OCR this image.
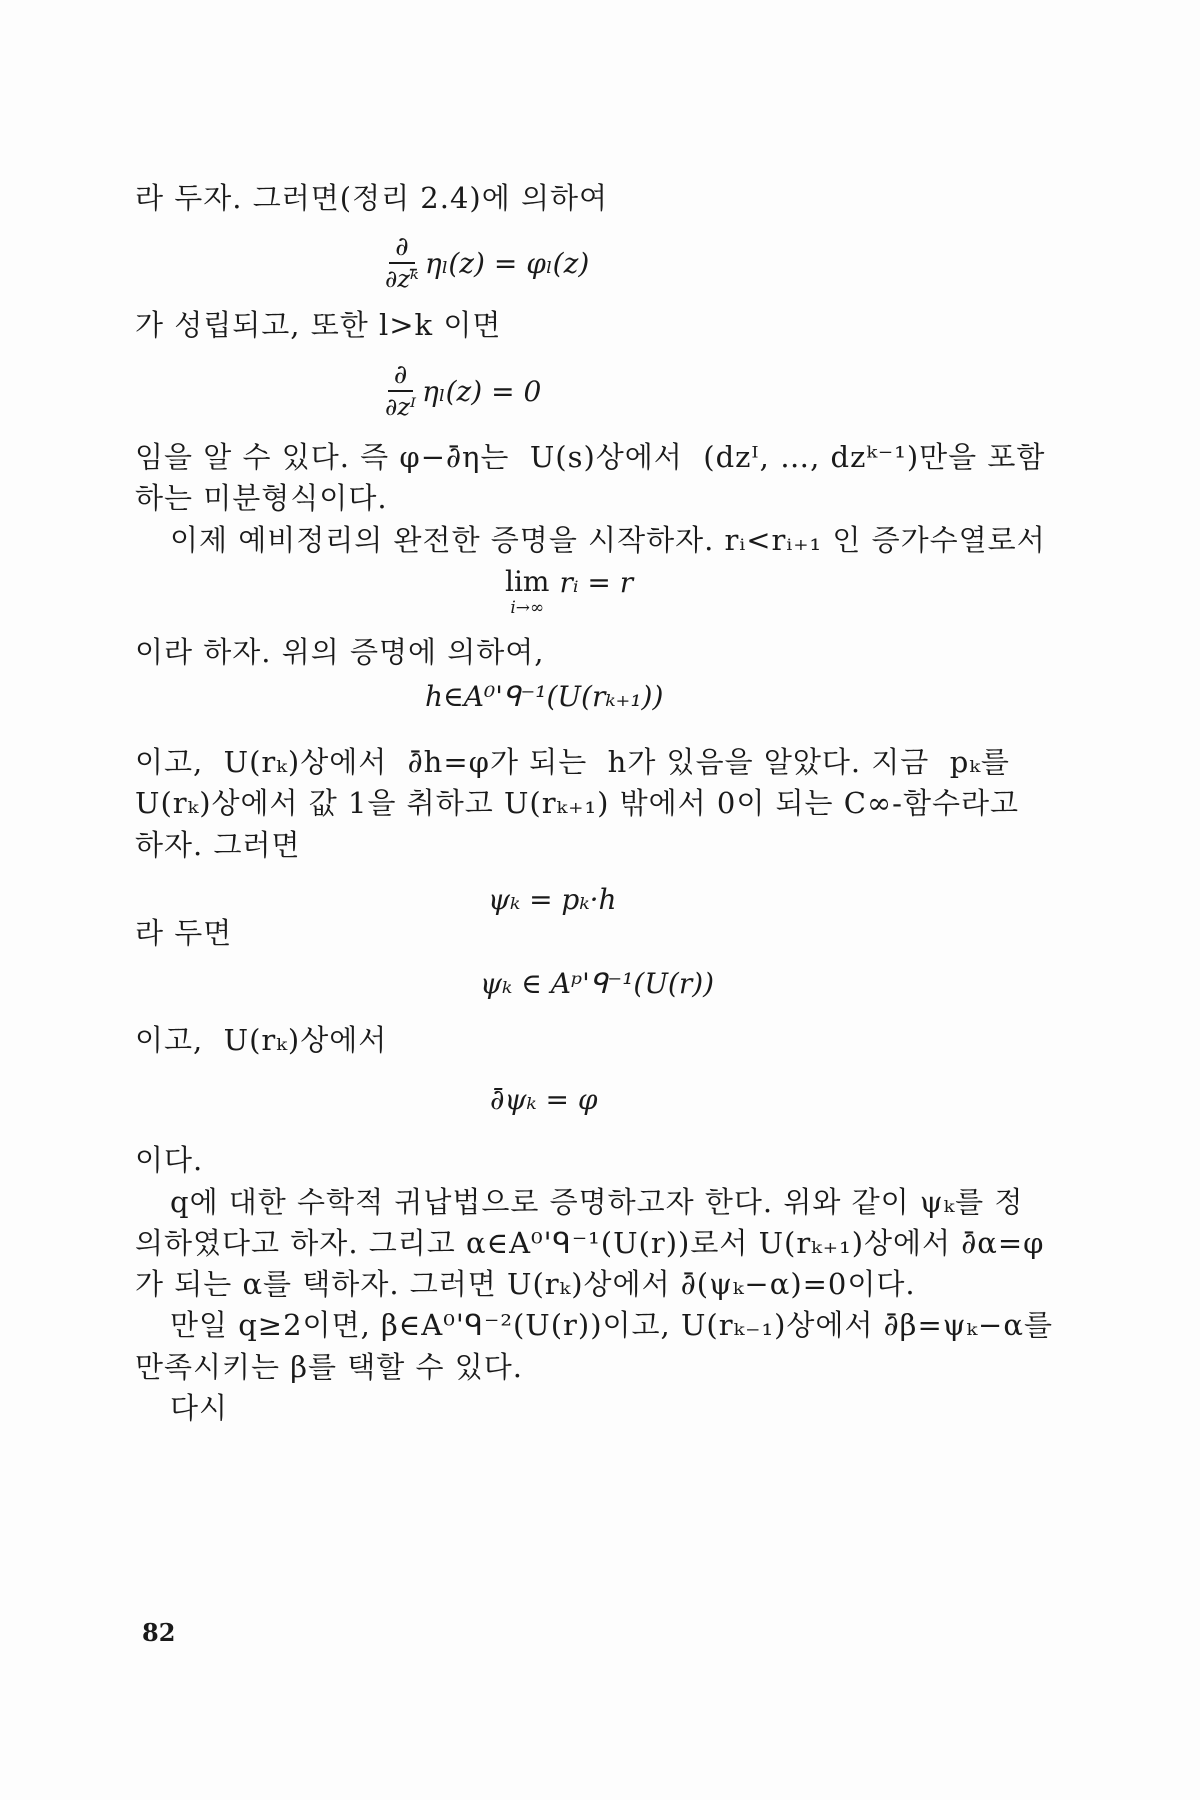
라 두자. 그러면(정리 2.4)에 의하여
$\frac{\partial}{\text{∂zᵏ̄}} \eta_l(z) = \varphi_l(z)$
가 성립되고, 또한 l>k 이면
$\frac{\partial}{\text{∂zᴵ}} \eta_l(z) = 0$
임을 알 수 있다. 즉 φ−∂̄η는  U(s)상에서  (dzᴵ, …, dzᵏ⁻¹)만을 포함
하는 미분형식이다.
이제 예비정리의 완전한 증명을 시작하자. rᵢ<rᵢ₊₁ 인 증가수열로서
lim
i→∞
rᵢ = r
이라 하자. 위의 증명에 의하여,
h∈A⁰'ᑫ⁻¹(U(rₖ₊₁))
이고,  U(rₖ)상에서  ∂̄h=φ가 되는  h가 있음을 알았다. 지금  pₖ를
U(rₖ)상에서 값 1을 취하고 U(rₖ₊₁) 밖에서 0이 되는 C∞-함수라고
하자. 그러면
ψₖ = pₖ·h
라 두면
ψₖ ∈ Aᵖ'ᑫ⁻¹(U(r))
이고,  U(rₖ)상에서
∂̄ψₖ = φ
이다.
q에 대한 수학적 귀납법으로 증명하고자 한다. 위와 같이 ψₖ를 정
의하였다고 하자. 그리고 α∈A⁰'ᑫ⁻¹(U(r))로서 U(rₖ₊₁)상에서 ∂̄α=φ
가 되는 α를 택하자. 그러면 U(rₖ)상에서 ∂̄(ψₖ−α)=0이다.
만일 q≥2이면, β∈A⁰'ᑫ⁻²(U(r))이고, U(rₖ₋₁)상에서 ∂̄β=ψₖ−α를
만족시키는 β를 택할 수 있다.
다시
82
